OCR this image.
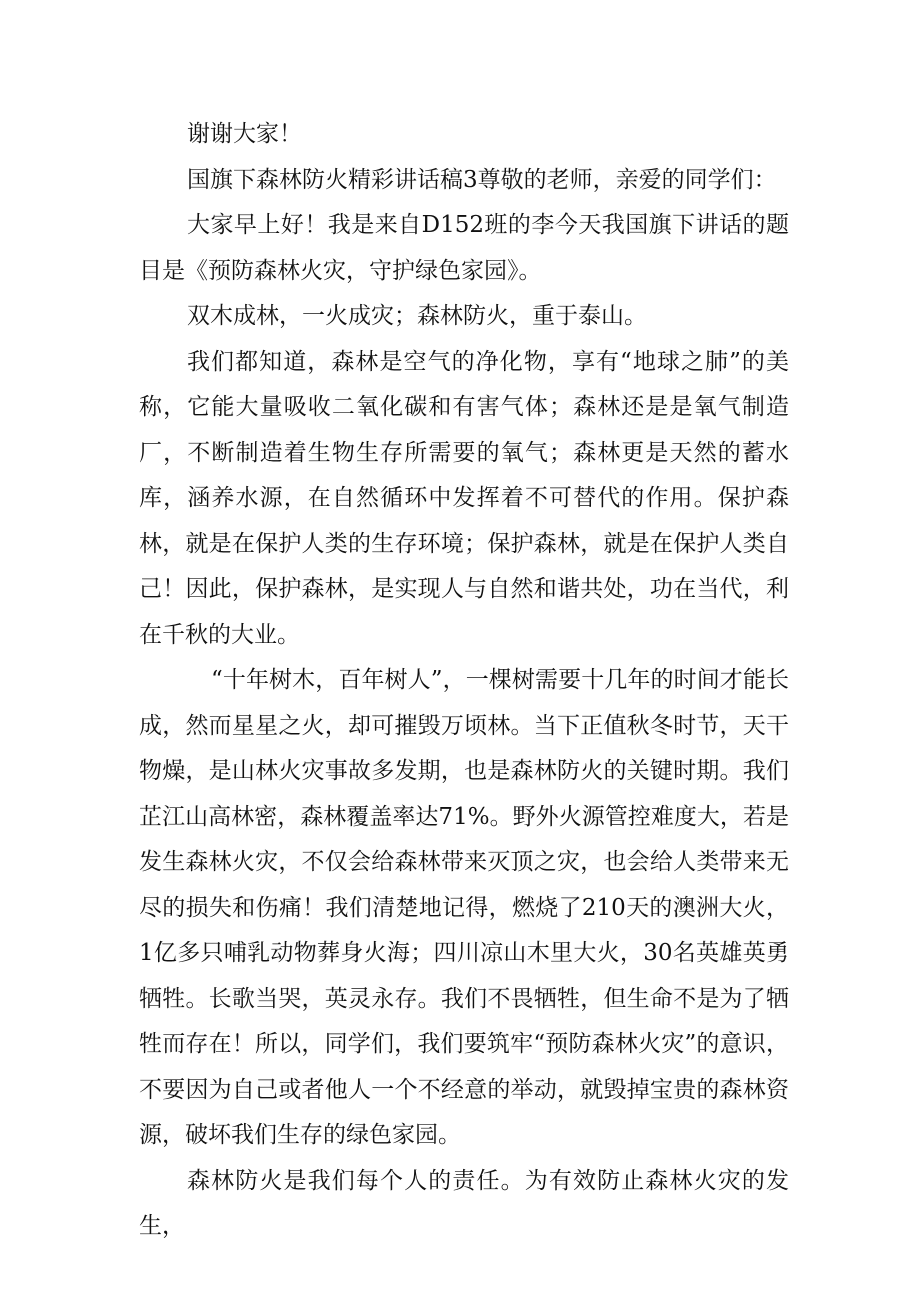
谢谢大家！

国旗下森林防火精彩讲话稿3尊敬的老师，亲爱的同学们：

大家早上好！我是来自D152班的李今天我国旗下讲话的题目是《预防森林火灾，守护绿色家园》。

双木成林，一火成灾；森林防火，重于泰山。

我们都知道，森林是空气的净化物，享有“地球之肺”的美称，它能大量吸收二氧化碳和有害气体；森林还是是氧气制造厂，不断制造着生物生存所需要的氧气；森林更是天然的蓄水库，涵养水源，在自然循环中发挥着不可替代的作用。保护森林，就是在保护人类的生存环境；保护森林，就是在保护人类自己！因此，保护森林，是实现人与自然和谐共处，功在当代，利在千秋的大业。

“十年树木，百年树人”，一棵树需要十几年的时间才能长成，然而星星之火，却可摧毁万顷林。当下正值秋冬时节，天干物燥，是山林火灾事故多发期，也是森林防火的关键时期。我们芷江山高林密，森林覆盖率达71%。野外火源管控难度大，若是发生森林火灾，不仅会给森林带来灭顶之灾，也会给人类带来无尽的损失和伤痛！我们清楚地记得，燃烧了210天的澳洲大火，1亿多只哺乳动物葬身火海；四川凉山木里大火，30名英雄英勇牺牲。长歌当哭，英灵永存。我们不畏牺牲，但生命不是为了牺牲而存在！所以，同学们，我们要筑牢“预防森林火灾”的意识，不要因为自己或者他人一个不经意的举动，就毁掉宝贵的森林资源，破坏我们生存的绿色家园。

森林防火是我们每个人的责任。为有效防止森林火灾的发生，
